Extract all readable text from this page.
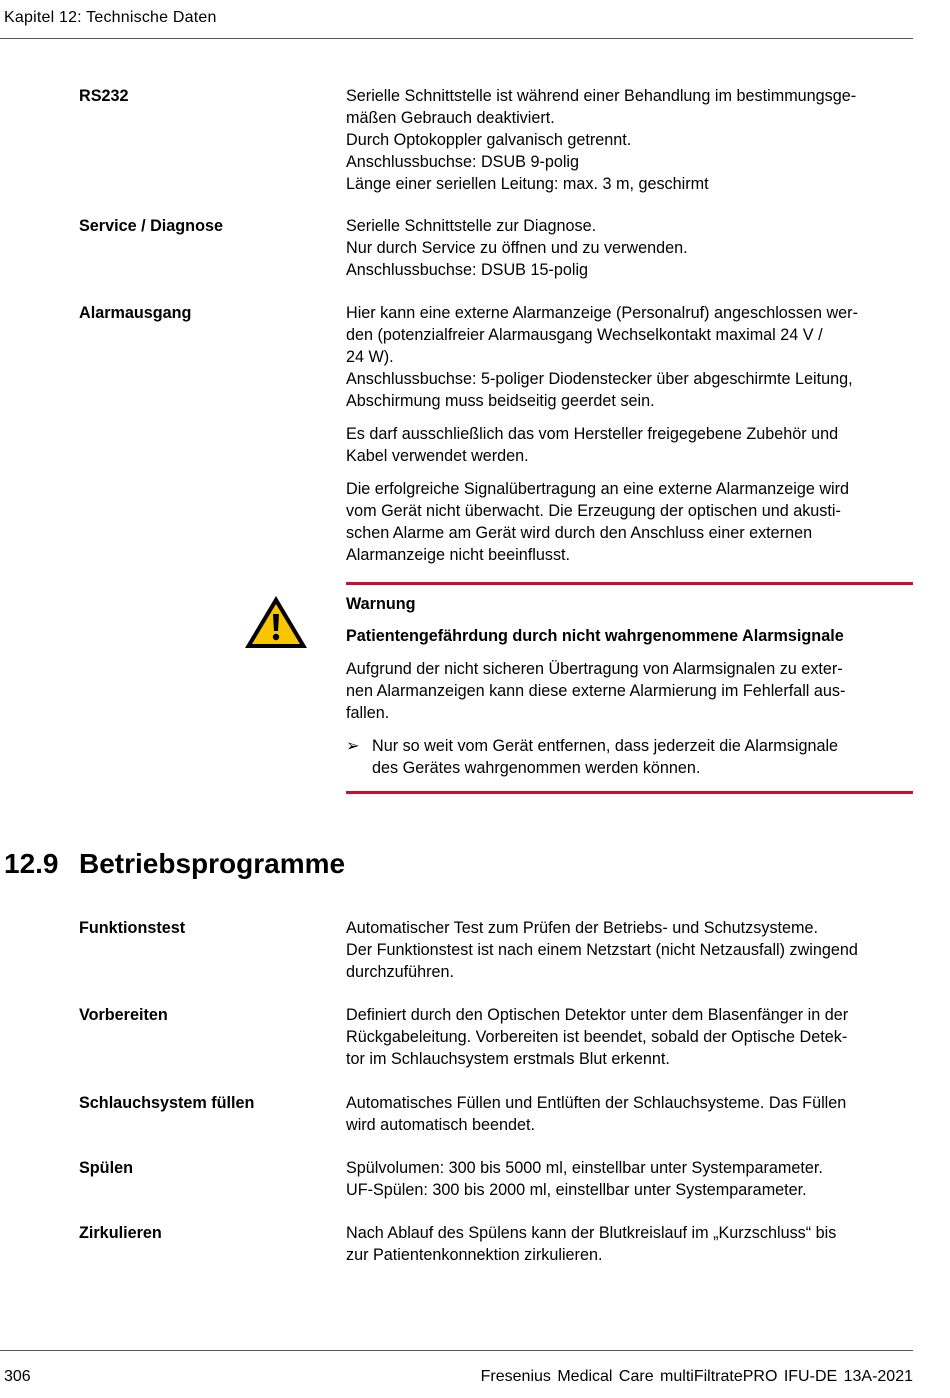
Kapitel 12: Technische Daten
RS232	Serielle Schnittstelle ist während einer Behandlung im bestimmungsge-
mäßen Gebrauch deaktiviert.
Durch Optokoppler galvanisch getrennt.
Anschlussbuchse: DSUB 9-polig
Länge einer seriellen Leitung: max. 3 m, geschirmt

Service / Diagnose	Serielle Schnittstelle zur Diagnose.
Nur durch Service zu öffnen und zu verwenden.
Anschlussbuchse: DSUB 15-polig

Alarmausgang	Hier kann eine externe Alarmanzeige (Personalruf) angeschlossen wer-
den (potenzialfreier Alarmausgang Wechselkontakt maximal 24 V /
24 W).
Anschlussbuchse: 5-poliger Diodenstecker über abgeschirmte Leitung,
Abschirmung muss beidseitig geerdet sein.

Es darf ausschließlich das vom Hersteller freigegebene Zubehör und
Kabel verwendet werden.

Die erfolgreiche Signalübertragung an eine externe Alarmanzeige wird
vom Gerät nicht überwacht. Die Erzeugung der optischen und akusti-
schen Alarme am Gerät wird durch den Anschluss einer externen
Alarmanzeige nicht beeinflusst.

Warnung
Patientengefährdung durch nicht wahrgenommene Alarmsignale
Aufgrund der nicht sicheren Übertragung von Alarmsignalen zu exter-
nen Alarmanzeigen kann diese externe Alarmierung im Fehlerfall aus-
fallen.
➢ Nur so weit vom Gerät entfernen, dass jederzeit die Alarmsignale
des Gerätes wahrgenommen werden können.
12.9 Betriebsprogramme
Funktionstest	Automatischer Test zum Prüfen der Betriebs- und Schutzsysteme.
Der Funktionstest ist nach einem Netzstart (nicht Netzausfall) zwingend
durchzuführen.

Vorbereiten	Definiert durch den Optischen Detektor unter dem Blasenfänger in der
Rückgabeleitung. Vorbereiten ist beendet, sobald der Optische Detek-
tor im Schlauchsystem erstmals Blut erkennt.

Schlauchsystem füllen	Automatisches Füllen und Entlüften der Schlauchsysteme. Das Füllen
wird automatisch beendet.

Spülen	Spülvolumen: 300 bis 5000 ml, einstellbar unter Systemparameter.
UF-Spülen: 300 bis 2000 ml, einstellbar unter Systemparameter.

Zirkulieren	Nach Ablauf des Spülens kann der Blutkreislauf im „Kurzschluss“ bis
zur Patientenkonnektion zirkulieren.

306	Fresenius Medical Care multiFiltratePRO IFU-DE 13A-2021
